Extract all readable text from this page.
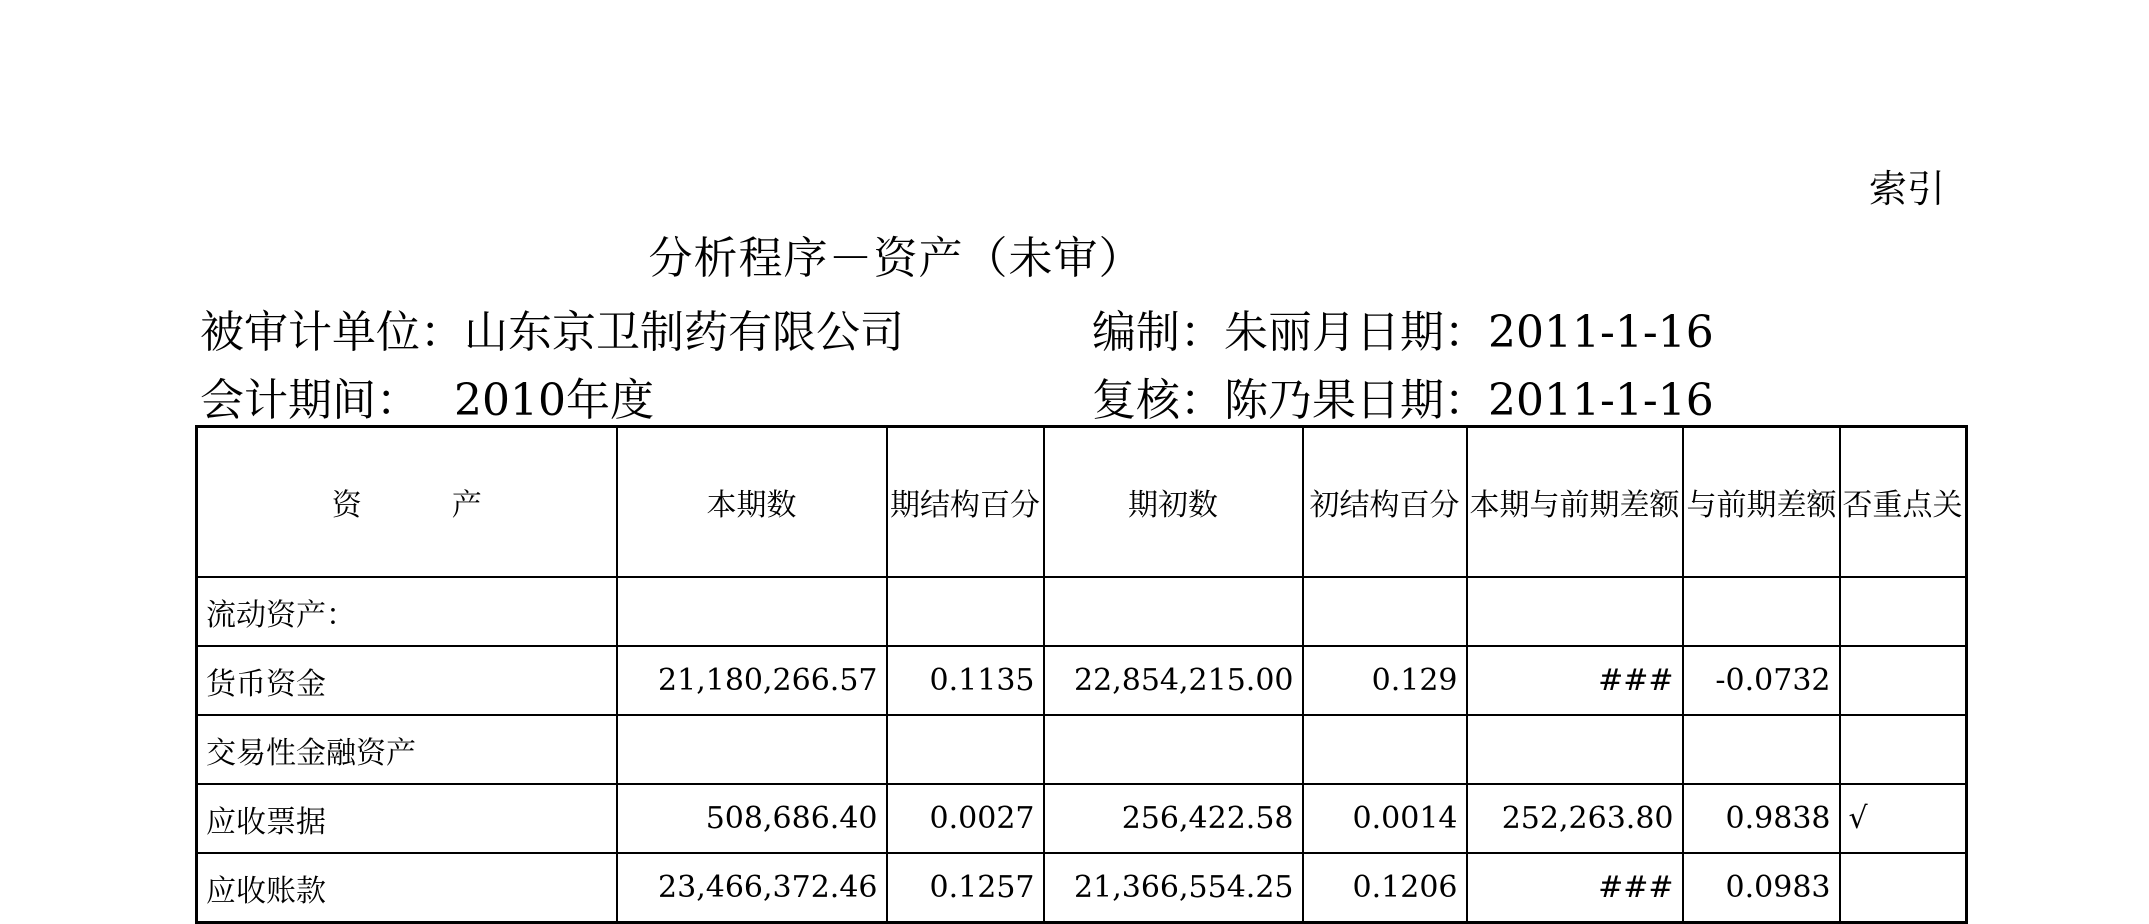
索引
分析程序－资产（未审）
被审计单位：山东京卫制药有限公司
会计期间： 2010年度
编制：朱丽月日期：2011-1-16
复核：陈乃果日期：2011-1-16
资　　　产	本期数	期结构百分	期初数	初结构百分	本期与前期差额	与前期差额	否重点关
流动资产：							
货币资金	21,180,266.57	0.1135	22,854,215.00	0.129	###	-0.0732	
交易性金融资产							
应收票据	508,686.40	0.0027	256,422.58	0.0014	252,263.80	0.9838	√
应收账款	23,466,372.46	0.1257	21,366,554.25	0.1206	###	0.0983	
